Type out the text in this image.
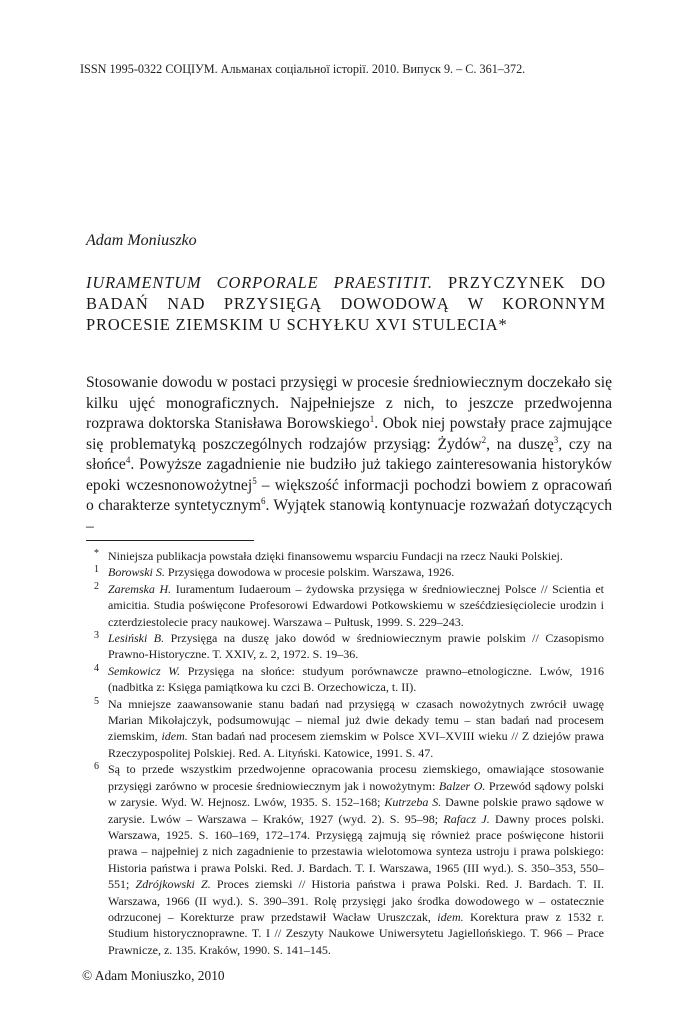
ISSN 1995-0322 СОЦІУМ. Альманах соціальної історії. 2010. Випуск 9. – С. 361–372.
Adam Moniuszko
IURAMENTUM CORPORALE PRAESTITIT. PRZYCZYNEK DO BADAŃ NAD PRZYSIĘGĄ DOWODOWĄ W KORONNYM PROCESIE ZIEMSKIM U SCHYŁKU XVI STULECIA*

Stosowanie dowodu w postaci przysięgi w procesie średniowiecznym doczekało się kilku ujęć monograficznych. Najpełniejsze z nich, to jeszcze przedwojenna rozprawa doktorska Stanisława Borowskiego$^1$. Obok niej powstały prace zajmujące się problematyką poszczególnych rodzajów przysiąg: Żydów$^2$, na duszę$^3$, czy na słońce$^4$. Powyższe zagadnienie nie budziło już takiego zainteresowania historyków epoki wczesnonowożytnej$^5$ – większość informacji pochodzi bowiem z opracowań o charakterze syntetycznym$^6$. Wyjątek stanowią kontynuacje rozważań dotyczących –

* Niniejsza publikacja powstała dzięki finansowemu wsparciu Fundacji na rzecz Nauki Polskiej.

1 Borowski S. Przysięga dowodowa w procesie polskim. Warszawa, 1926.

2 Zaremska H. Iuramentum Iudaeroum – żydowska przysięga w średniowiecznej Polsce // Scientia et amicitia. Studia poświęcone Profesorowi Edwardowi Potkowskiemu w sześćdziesięciolecie urodzin i czterdziestolecie pracy naukowej. Warszawa – Pułtusk, 1999. S. 229–243.

3 Lesiński B. Przysięga na duszę jako dowód w średniowiecznym prawie polskim // Czasopismo Prawno-Historyczne. T. XXIV, z. 2, 1972. S. 19–36.

4 Semkowicz W. Przysięga na słońce: studyum porównawcze prawno–etnologiczne. Lwów, 1916 (nadbitka z: Księga pamiątkowa ku czci B. Orzechowicza, t. II).

5 Na mniejsze zaawansowanie stanu badań nad przysięgą w czasach nowożytnych zwrócił uwagę Marian Mikołajczyk, podsumowując – niemal już dwie dekady temu – stan badań nad procesem ziemskim, idem. Stan badań nad procesem ziemskim w Polsce XVI–XVIII wieku // Z dziejów prawa Rzeczypospolitej Polskiej. Red. A. Lityński. Katowice, 1991. S. 47.

6 Są to przede wszystkim przedwojenne opracowania procesu ziemskiego, omawiające stosowanie przysięgi zarówno w procesie średniowiecznym jak i nowożytnym: Balzer O. Przewód sądowy polski w zarysie. Wyd. W. Hejnosz. Lwów, 1935. S. 152–168; Kutrzeba S. Dawne polskie prawo sądowe w zarysie. Lwów – Warszawa – Kraków, 1927 (wyd. 2). S. 95–98; Rafacz J. Dawny proces polski. Warszawa, 1925. S. 160–169, 172–174. Przysięgą zajmują się również prace poświęcone historii prawa – najpełniej z nich zagadnienie to przestawia wielotomowa synteza ustroju i prawa polskiego: Historia państwa i prawa Polski. Red. J. Bardach. T. I. Warszawa, 1965 (III wyd.). S. 350–353, 550–551; Zdrójkowski Z. Proces ziemski // Historia państwa i prawa Polski. Red. J. Bardach. T. II. Warszawa, 1966 (II wyd.). S. 390–391. Rolę przysięgi jako środka dowodowego w – ostatecznie odrzuconej – Korekturze praw przedstawił Wacław Uruszczak, idem. Korektura praw z 1532 r. Studium historycznoprawne. T. I // Zeszyty Naukowe Uniwersytetu Jagiellońskiego. T. 966 – Prace Prawnicze, z. 135. Kraków, 1990. S. 141–145.

© Adam Moniuszko, 2010
